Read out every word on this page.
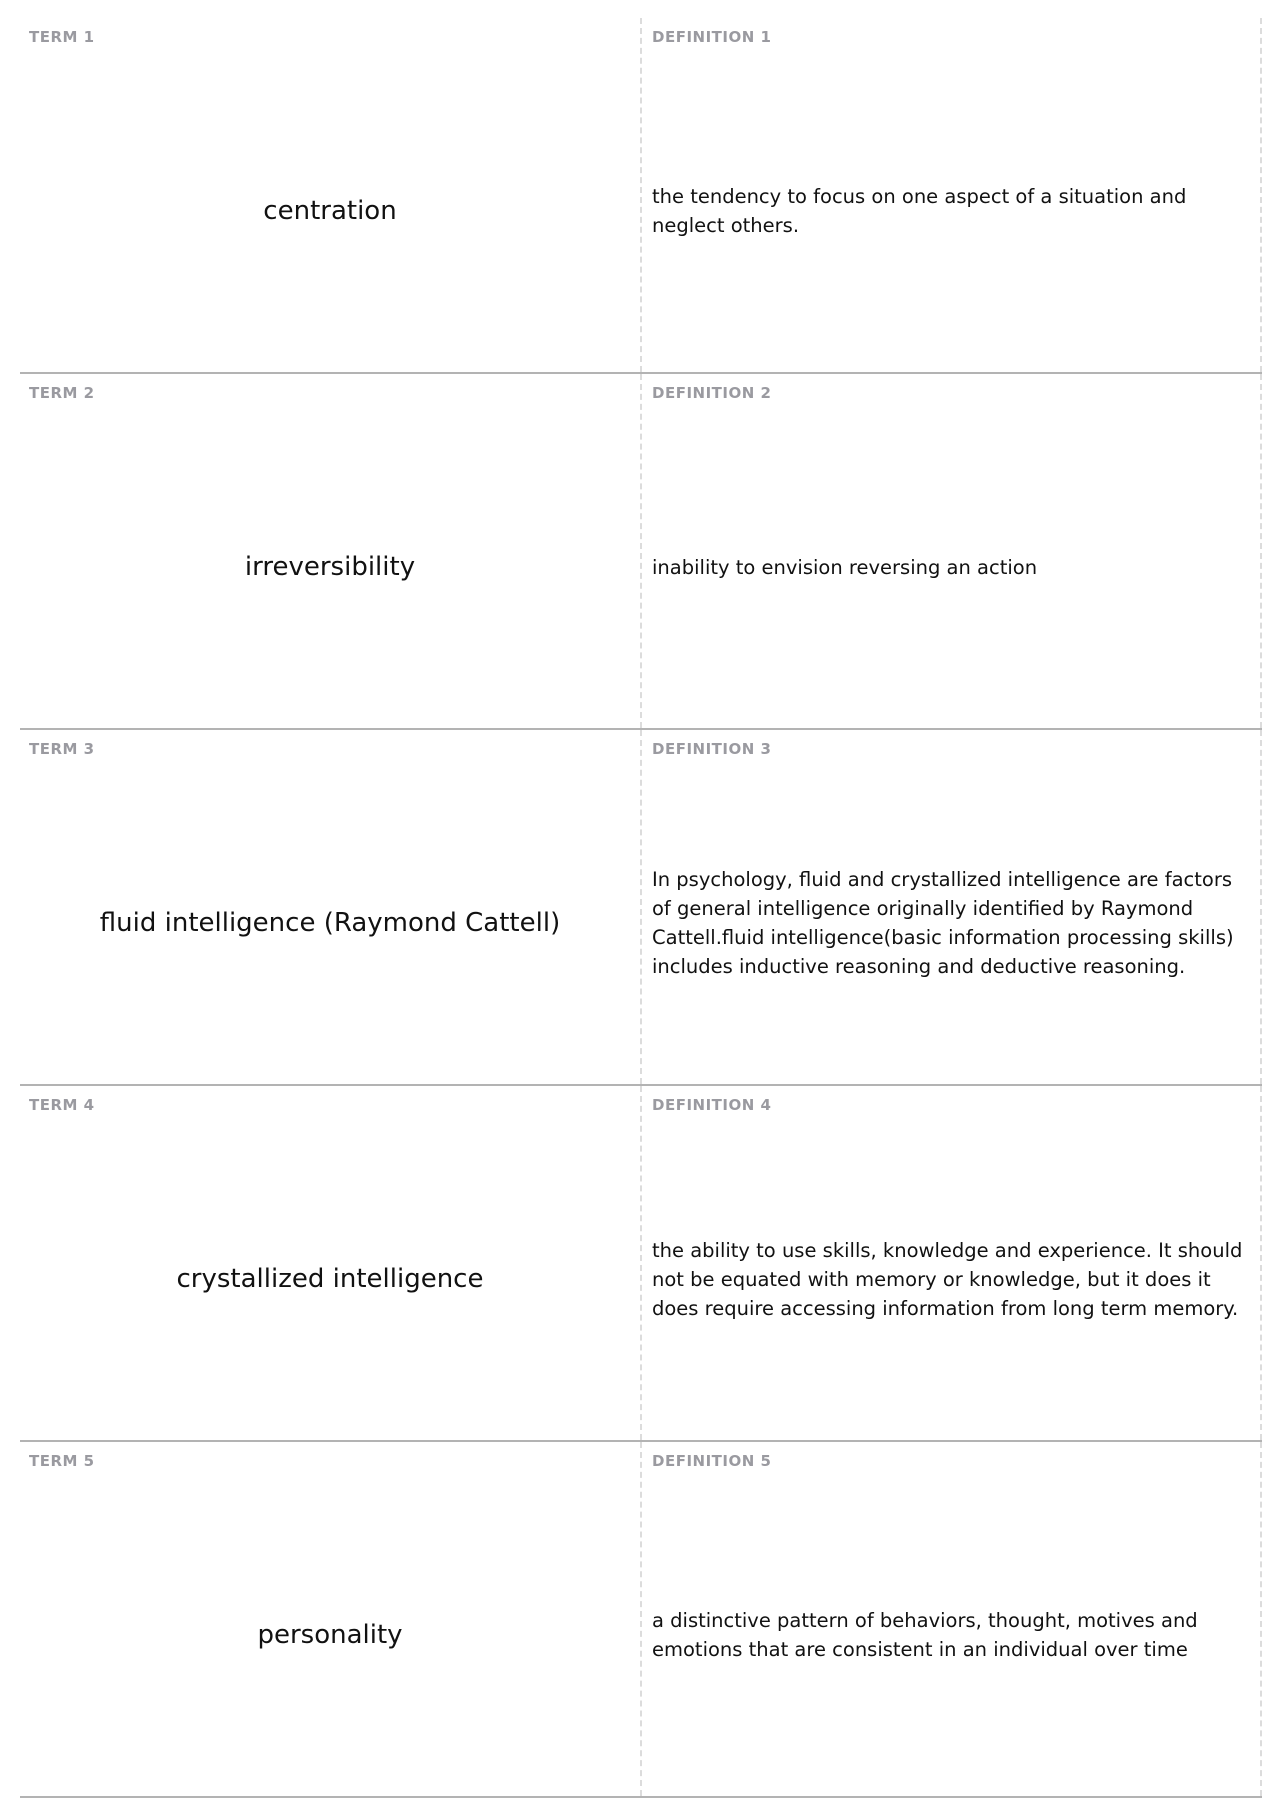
TERM 1
centration
DEFINITION 1
the tendency to focus on one aspect of a situation and neglect others.
TERM 2
irreversibility
DEFINITION 2
inability to envision reversing an action
TERM 3
fluid intelligence (Raymond Cattell)
DEFINITION 3
In psychology, fluid and crystallized intelligence are factors of general intelligence originally identified by Raymond Cattell.fluid intelligence(basic information processing skills) includes inductive reasoning and deductive reasoning.
TERM 4
crystallized intelligence
DEFINITION 4
the ability to use skills, knowledge and experience. It should not be equated with memory or knowledge, but it does it does require accessing information from long term memory.
TERM 5
personality
DEFINITION 5
a distinctive pattern of behaviors, thought, motives and emotions that are consistent in an individual over time
